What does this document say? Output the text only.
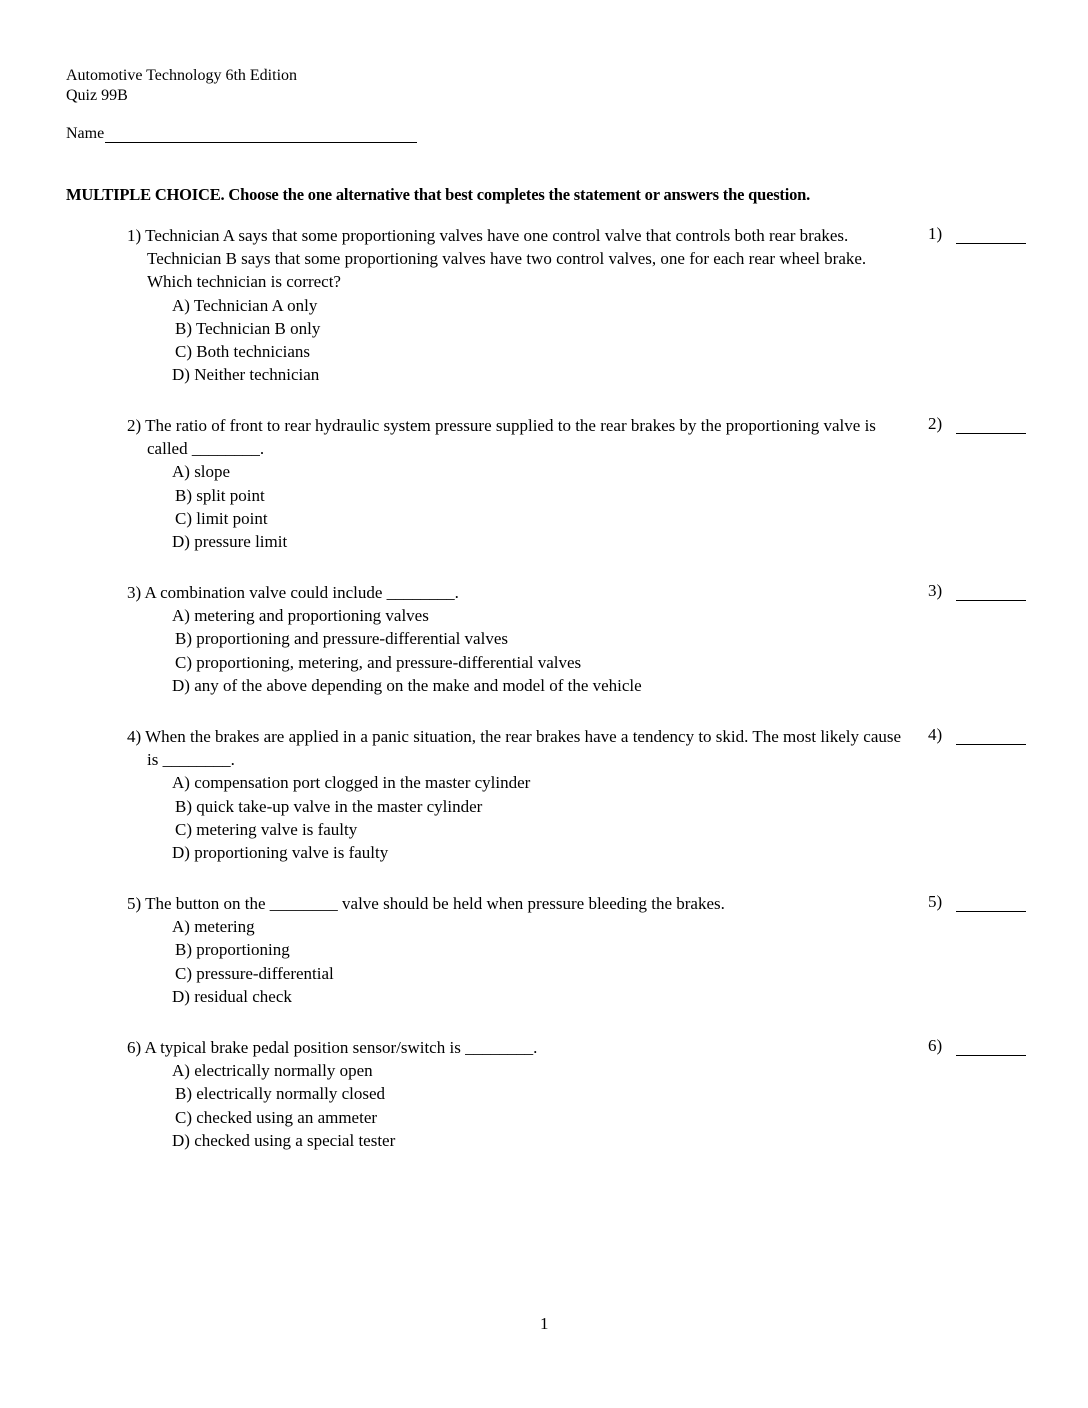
Automotive Technology 6th Edition
Quiz 99B
Name
MULTIPLE CHOICE. Choose the one alternative that best completes the statement or answers the question.
1) Technician A says that some proportioning valves have one control valve that controls both rear brakes. Technician B says that some proportioning valves have two control valves, one for each rear wheel brake. Which technician is correct?
A) Technician A only
B) Technician B only
C) Both technicians
D) Neither technician
1)
2) The ratio of front to rear hydraulic system pressure supplied to the rear brakes by the proportioning valve is called ________.
A) slope
B) split point
C) limit point
D) pressure limit
2)
3) A combination valve could include ________.
A) metering and proportioning valves
B) proportioning and pressure-differential valves
C) proportioning, metering, and pressure-differential valves
D) any of the above depending on the make and model of the vehicle
3)
4) When the brakes are applied in a panic situation, the rear brakes have a tendency to skid. The most likely cause is ________.
A) compensation port clogged in the master cylinder
B) quick take-up valve in the master cylinder
C) metering valve is faulty
D) proportioning valve is faulty
4)
5) The button on the ________ valve should be held when pressure bleeding the brakes.
A) metering
B) proportioning
C) pressure-differential
D) residual check
5)
6) A typical brake pedal position sensor/switch is ________.
A) electrically normally open
B) electrically normally closed
C) checked using an ammeter
D) checked using a special tester
6)
1
